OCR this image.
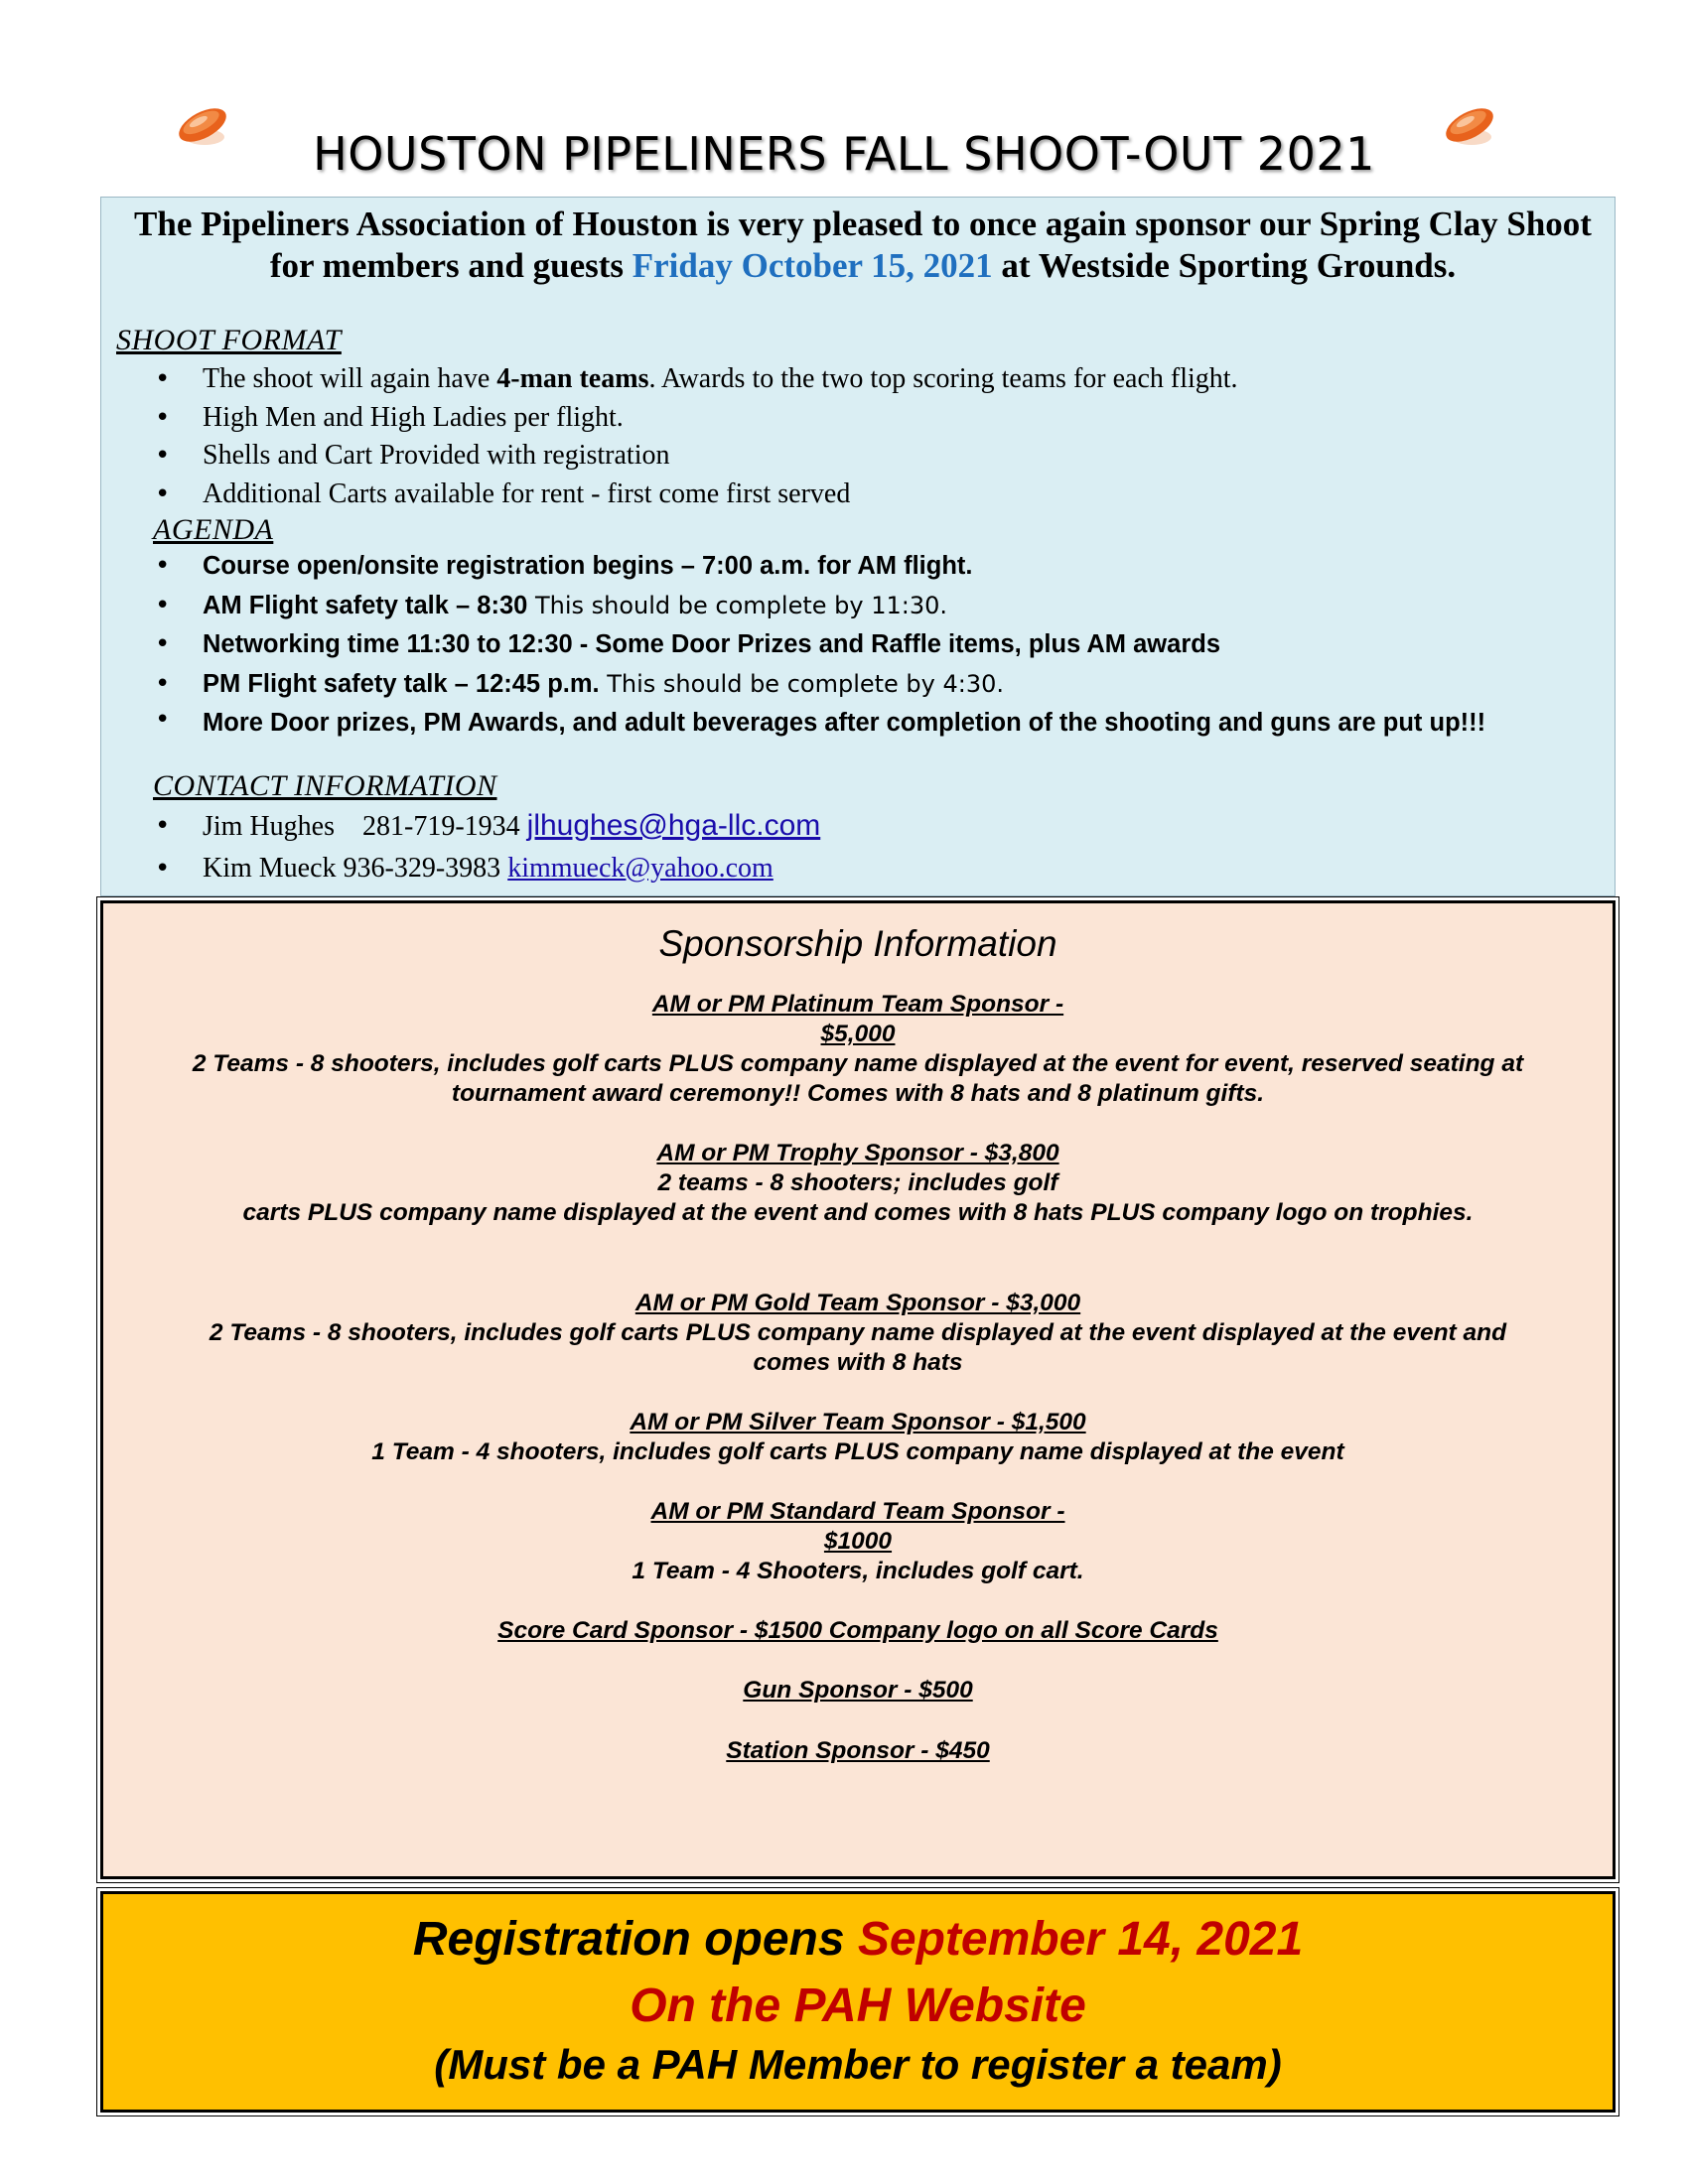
HOUSTON PIPELINERS FALL SHOOT-OUT 2021
The Pipeliners Association of Houston is very pleased to once again sponsor our Spring Clay Shoot for members and guests Friday October 15, 2021 at Westside Sporting Grounds.
SHOOT FORMAT
• The shoot will again have 4-man teams. Awards to the two top scoring teams for each flight.
• High Men and High Ladies per flight.
• Shells and Cart Provided with registration
• Additional Carts available for rent - first come first served
AGENDA
• Course open/onsite registration begins – 7:00 a.m. for AM flight.
• AM Flight safety talk – 8:30 This should be complete by 11:30.
• Networking time 11:30 to 12:30 - Some Door Prizes and Raffle items, plus AM awards
• PM Flight safety talk – 12:45 p.m. This should be complete by 4:30.
• More Door prizes, PM Awards, and adult beverages after completion of the shooting and guns are put up!!!
CONTACT INFORMATION
• Jim Hughes 281-719-1934 jlhughes@hga-llc.com
• Kim Mueck 936-329-3983 kimmueck@yahoo.com
Sponsorship Information
AM or PM Platinum Team Sponsor -
$5,000
2 Teams - 8 shooters, includes golf carts PLUS company name displayed at the event for event, reserved seating at
tournament award ceremony!! Comes with 8 hats and 8 platinum gifts.
AM or PM Trophy Sponsor - $3,800
2 teams - 8 shooters; includes golf
carts PLUS company name displayed at the event and comes with 8 hats PLUS company logo on trophies.
AM or PM Gold Team Sponsor - $3,000
2 Teams - 8 shooters, includes golf carts PLUS company name displayed at the event displayed at the event and
comes with 8 hats
AM or PM Silver Team Sponsor - $1,500
1 Team - 4 shooters, includes golf carts PLUS company name displayed at the event
AM or PM Standard Team Sponsor -
$1000
1 Team - 4 Shooters, includes golf cart.
Score Card Sponsor - $1500 Company logo on all Score Cards
Gun Sponsor - $500
Station Sponsor - $450
Registration opens September 14, 2021
On the PAH Website
(Must be a PAH Member to register a team)
